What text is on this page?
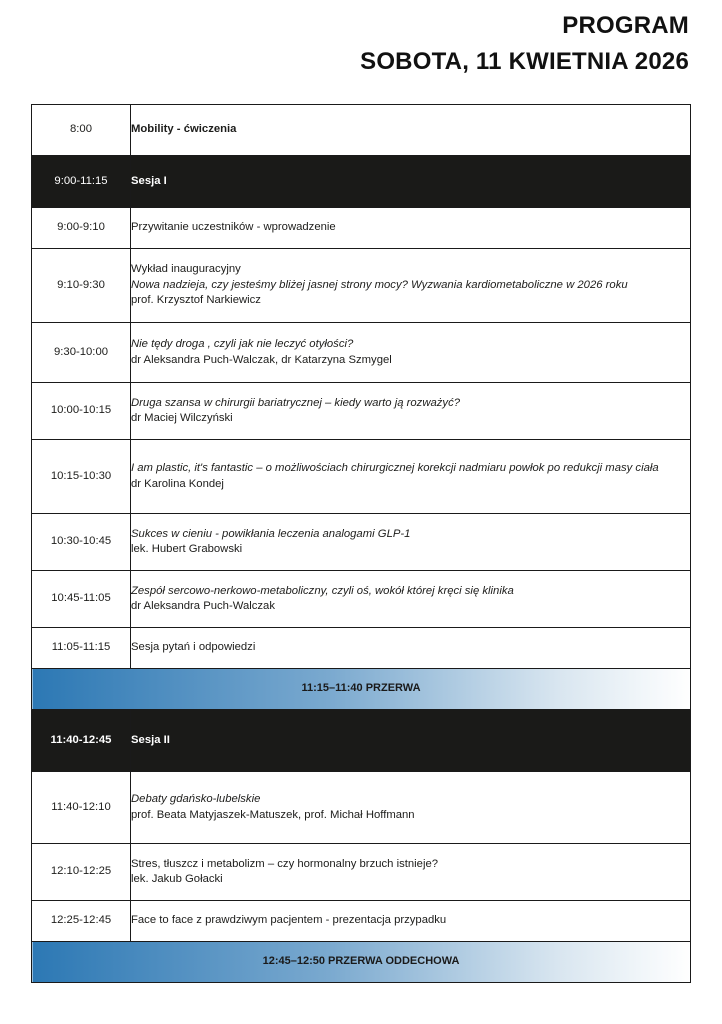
PROGRAM
SOBOTA, 11 KWIETNIA 2026
8:00	Mobility - ćwiczenia
9:00-11:15	Sesja I
9:00-9:10	Przywitanie uczestników - wprowadzenie
9:10-9:30	Wykład inauguracyjny
Nowa nadzieja, czy jesteśmy bliżej jasnej strony mocy? Wyzwania kardiometaboliczne w 2026 roku
prof. Krzysztof Narkiewicz

9:30-10:00	Nie tędy droga , czyli jak nie leczyć otyłości?
dr Aleksandra Puch-Walczak, dr Katarzyna Szmygel

10:00-10:15	Druga szansa w chirurgii bariatrycznej – kiedy warto ją rozważyć?
dr Maciej Wilczyński

10:15-10:30	I am plastic, it's fantastic – o możliwościach chirurgicznej korekcji nadmiaru powłok po redukcji masy ciała
dr Karolina Kondej

10:30-10:45	Sukces w cieniu - powikłania leczenia analogami GLP-1
lek. Hubert Grabowski

10:45-11:05	Zespół sercowo-nerkowo-metaboliczny, czyli oś, wokół której kręci się klinika
dr Aleksandra Puch-Walczak

11:05-11:15	Sesja pytań i odpowiedzi
11:15–11:40 PRZERWA	
11:40-12:45	Sesja II
11:40-12:10	Debaty gdańsko-lubelskie
prof. Beata Matyjaszek-Matuszek, prof. Michał Hoffmann

12:10-12:25	Stres, tłuszcz i metabolizm – czy hormonalny brzuch istnieje?
lek. Jakub Gołacki

12:25-12:45	Face to face z prawdziwym pacjentem - prezentacja przypadku
12:45–12:50 PRZERWA ODDECHOWA	
